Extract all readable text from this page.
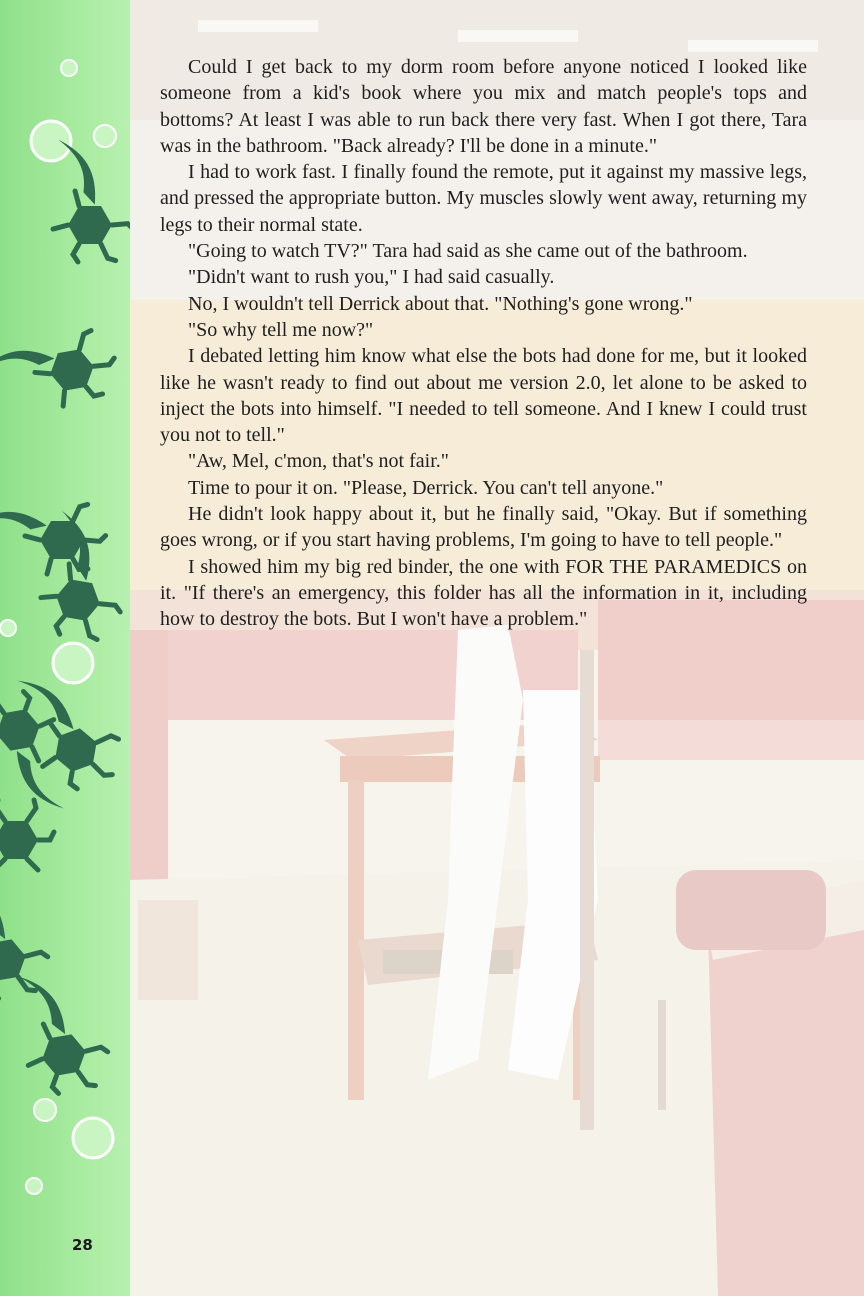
28

Could I get back to my dorm room before anyone noticed I looked like someone from a kid's book where you mix and match people's tops and bottoms? At least I was able to run back there very fast. When I got there, Tara was in the bathroom. "Back already? I'll be done in a minute."

I had to work fast. I finally found the remote, put it against my massive legs, and pressed the appropriate button. My muscles slowly went away, returning my legs to their normal state.

"Going to watch TV?" Tara had said as she came out of the bathroom.

"Didn't want to rush you," I had said casually.

No, I wouldn't tell Derrick about that. "Nothing's gone wrong."

"So why tell me now?"

I debated letting him know what else the bots had done for me, but it looked like he wasn't ready to find out about me version 2.0, let alone to be asked to inject the bots into himself. "I needed to tell someone. And I knew I could trust you not to tell."

"Aw, Mel, c'mon, that's not fair."

Time to pour it on. "Please, Derrick. You can't tell anyone."

He didn't look happy about it, but he finally said, "Okay. But if something goes wrong, or if you start having problems, I'm going to have to tell people."

I showed him my big red binder, the one with FOR THE PARAMEDICS on it. "If there's an emergency, this folder has all the information in it, including how to destroy the bots. But I won't have a problem."
